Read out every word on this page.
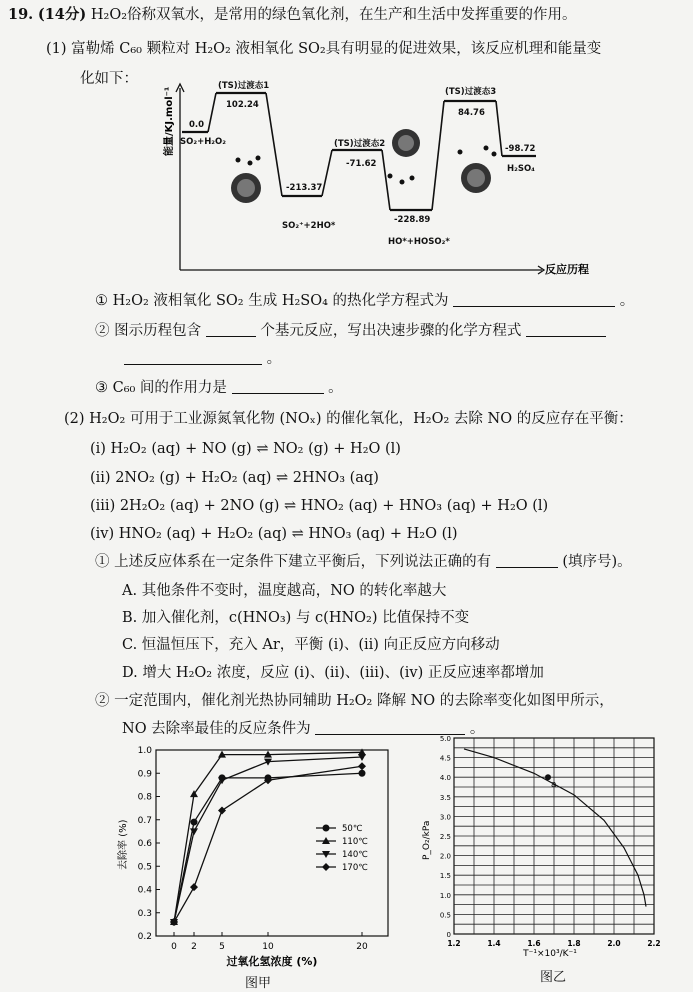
19. (14分) H₂O₂俗称双氧水，是常用的绿色氧化剂，在生产和生活中发挥重要的作用。
(1) 富勒烯 C₆₀ 颗粒对 H₂O₂ 液相氧化 SO₂具有明显的促进效果，该反应机理和能量变
化如下：
0.0
SO₂+H₂O₂
(TS)过渡态1
102.24
-213.37
SO₂⁺+2HO*
(TS)过渡态2
-71.62
-228.89
HO*+HOSO₂*
(TS)过渡态3
84.76
-98.72
H₂SO₄
反应历程
能量/KJ.mol⁻¹
① H₂O₂ 液相氧化 SO₂ 生成 H₂SO₄ 的热化学方程式为	。
② 图示历程包含	个基元反应，写出决速步骤的化学方程式
。
③ C₆₀ 间的作用力是	。
(2) H₂O₂ 可用于工业源氮氧化物 (NOₓ) 的催化氧化，H₂O₂ 去除 NO 的反应存在平衡：
(i) H₂O₂ (aq) + NO (g) ⇌ NO₂ (g) + H₂O (l)
(ii) 2NO₂ (g) + H₂O₂ (aq) ⇌ 2HNO₃ (aq)
(iii) 2H₂O₂ (aq) + 2NO (g) ⇌ HNO₂ (aq) + HNO₃ (aq) + H₂O (l)
(iv) HNO₂ (aq) + H₂O₂ (aq) ⇌ HNO₃ (aq) + H₂O (l)
① 上述反应体系在一定条件下建立平衡后，下列说法正确的有	(填序号)。
A. 其他条件不变时，温度越高，NO 的转化率越大
B. 加入催化剂，c(HNO₃) 与 c(HNO₂) 比值保持不变
C. 恒温恒压下，充入 Ar，平衡 (i)、(ii) 向正反应方向移动
D. 增大 H₂O₂ 浓度，反应 (i)、(ii)、(iii)、(iv) 正反应速率都增加
② 一定范围内，催化剂光热协同辅助 H₂O₂ 降解 NO 的去除率变化如图甲所示，
NO 去除率最佳的反应条件为	。
0.2
0.3
0.4
0.5
0.6
0.7
0.8
0.9
1.0
0 2 5	10	20
50℃
110℃
140℃
170℃
去除率 (%)
过氧化氢浓度 (%)
图甲
0
0.5
1.0
1.5
2.0
2.5
3.0
3.5
4.0
4.5
5.0
1.2	1.4	1.6	1.8	2.0	2.2
a
P_O₂/kPa
T⁻¹×10³/K⁻¹
图乙
